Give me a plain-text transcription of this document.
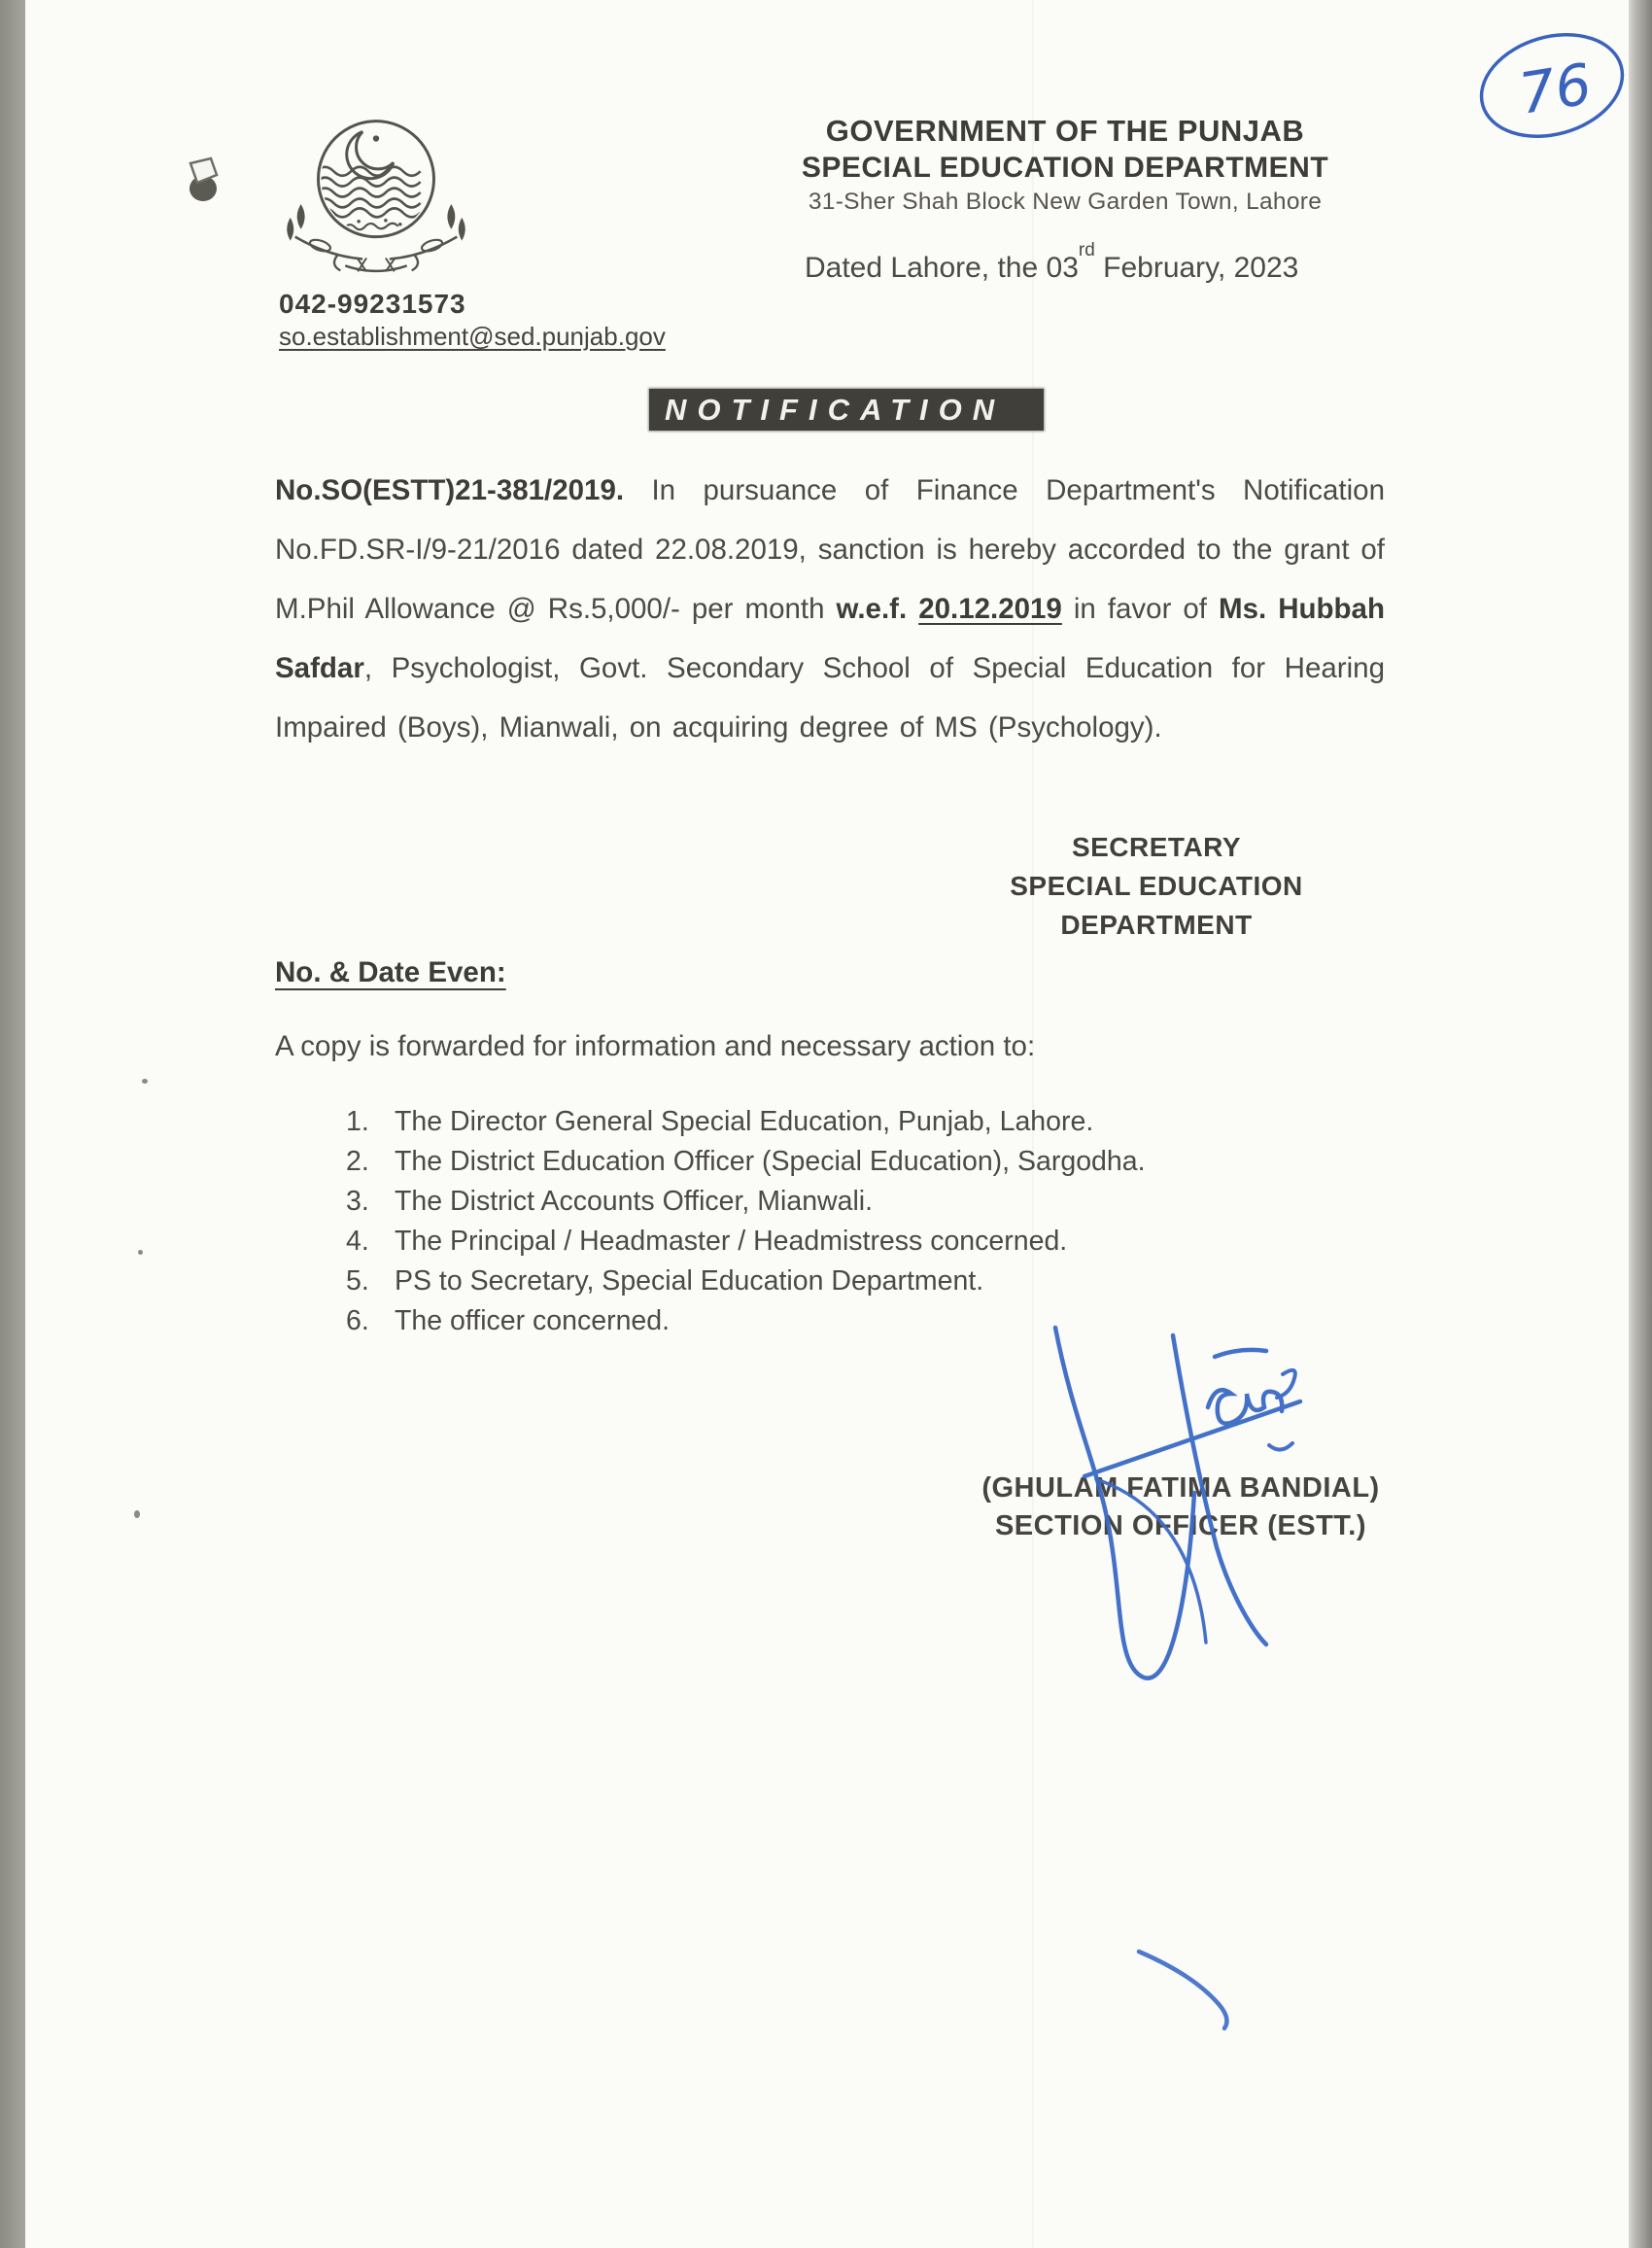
042-99231573
so.establishment@sed.punjab.gov
GOVERNMENT OF THE PUNJAB
SPECIAL EDUCATION DEPARTMENT
31-Sher Shah Block New Garden Town, Lahore
Dated Lahore, the 03rd February, 2023
NOTIFICATION
No.SO(ESTT)21-381/2019. In pursuance of Finance Department's Notification No.FD.SR-I/9-21/2016 dated 22.08.2019, sanction is hereby accorded to the grant of M.Phil Allowance @ Rs.5,000/- per month w.e.f. 20.12.2019 in favor of Ms. Hubbah Safdar, Psychologist, Govt. Secondary School of Special Education for Hearing Impaired (Boys), Mianwali, on acquiring degree of MS (Psychology).
SECRETARY
SPECIAL EDUCATION
DEPARTMENT
No. & Date Even:
A copy is forwarded for information and necessary action to:
1. The Director General Special Education, Punjab, Lahore.
2. The District Education Officer (Special Education), Sargodha.
3. The District Accounts Officer, Mianwali.
4. The Principal / Headmaster / Headmistress concerned.
5. PS to Secretary, Special Education Department.
6. The officer concerned.
(GHULAM FATIMA BANDIAL)
SECTION OFFICER (ESTT.)
76
